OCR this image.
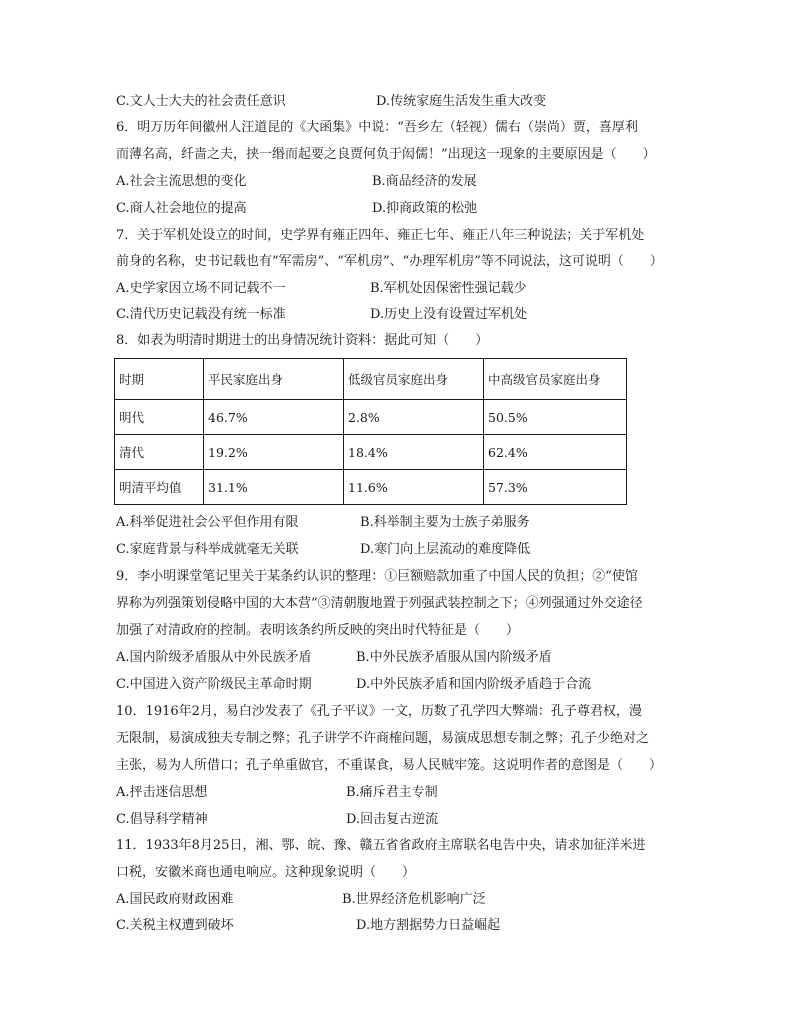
C.文人士大夫的社会责任意识	D.传统家庭生活发生重大改变
6．明万历年间徽州人汪道昆的《大函集》中说：“吾乡左（轻视）儒右（崇尚）贾，喜厚利
而薄名高，纤啬之夫，挟一缗而起要之良贾何负于闳儒！”出现这一现象的主要原因是（　　）
A.社会主流思想的变化	B.商品经济的发展
C.商人社会地位的提高	D.抑商政策的松弛
7．关于军机处设立的时间，史学界有雍正四年、雍正七年、雍正八年三种说法；关于军机处
前身的名称，史书记载也有“军需房”、“军机房”、“办理军机房”等不同说法，这可说明（　　）
A.史学家因立场不同记载不一	B.军机处因保密性强记载少
C.清代历史记载没有统一标准	D.历史上没有设置过军机处
8．如表为明清时期进士的出身情况统计资料：据此可知（　　）
时期	平民家庭出身	低级官员家庭出身	中高级官员家庭出身
明代	46.7%	2.8%	50.5%
清代	19.2%	18.4%	62.4%
明清平均值	31.1%	11.6%	57.3%
A.科举促进社会公平但作用有限	B.科举制主要为士族子弟服务
C.家庭背景与科举成就毫无关联	D.寒门向上层流动的难度降低
9．李小明课堂笔记里关于某条约认识的整理：①巨额赔款加重了中国人民的负担；②“使馆
界称为列强策划侵略中国的大本营”③清朝腹地置于列强武装控制之下；④列强通过外交途径
加强了对清政府的控制。表明该条约所反映的突出时代特征是（　　）
A.国内阶级矛盾服从中外民族矛盾	B.中外民族矛盾服从国内阶级矛盾
C.中国进入资产阶级民主革命时期	D.中外民族矛盾和国内阶级矛盾趋于合流
10．1916年2月，易白沙发表了《孔子平议》一文，历数了孔学四大弊端：孔子尊君权，漫
无限制，易演成独夫专制之弊；孔子讲学不许商榷问题，易演成思想专制之弊；孔子少绝对之
主张，易为人所借口；孔子单重做官，不重谋食，易人民贼牢笼。这说明作者的意图是（　　）
A.抨击迷信思想	B.痛斥君主专制
C.倡导科学精神	D.回击复古逆流
11．1933年8月25日，湘、鄂、皖、豫、赣五省省政府主席联名电告中央，请求加征洋米进
口税，安徽米商也通电响应。这种现象说明（　　）
A.国民政府财政困难	B.世界经济危机影响广泛
C.关税主权遭到破坏	D.地方割据势力日益崛起
